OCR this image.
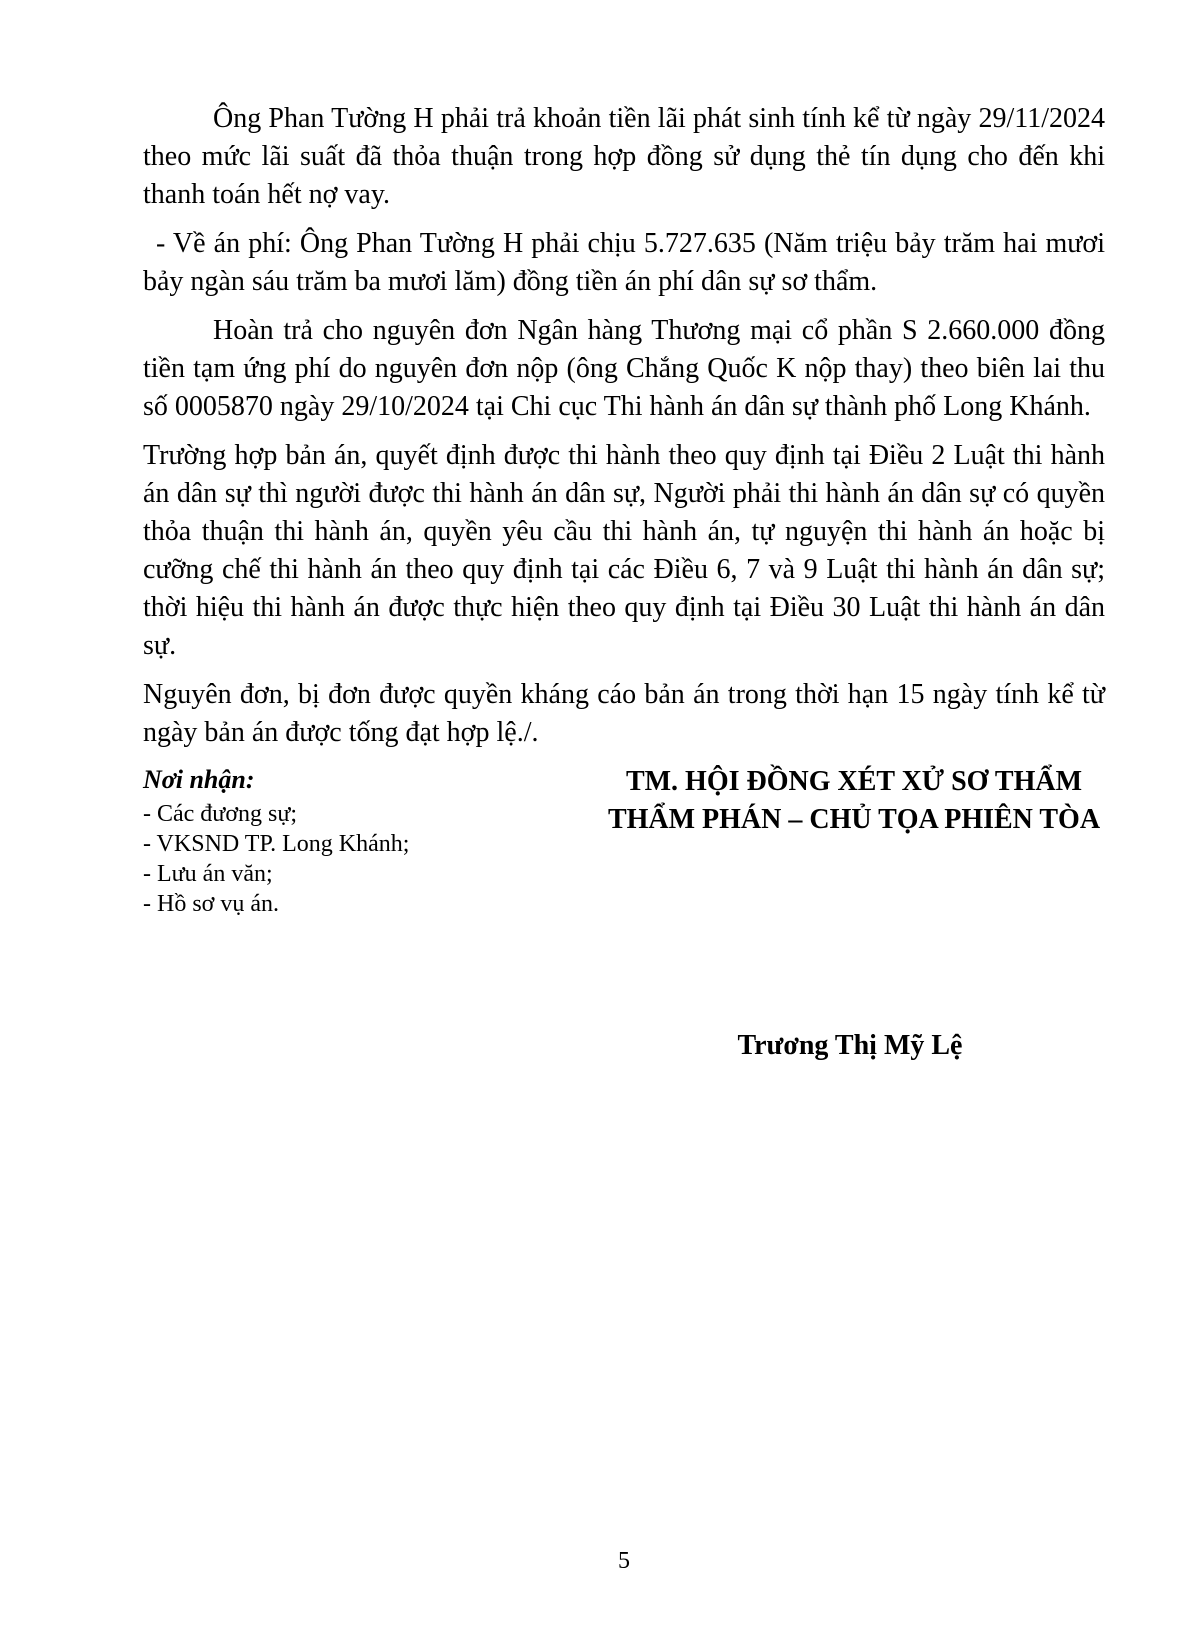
Ông Phan Tường H phải trả khoản tiền lãi phát sinh tính kể từ ngày 29/11/2024 theo mức lãi suất đã thỏa thuận trong hợp đồng sử dụng thẻ tín dụng cho đến khi thanh toán hết nợ vay.

- Về án phí: Ông Phan Tường H phải chịu 5.727.635 (Năm triệu bảy trăm hai mươi bảy ngàn sáu trăm ba mươi lăm) đồng tiền án phí dân sự sơ thẩm.

Hoàn trả cho nguyên đơn Ngân hàng Thương mại cổ phần S 2.660.000 đồng tiền tạm ứng phí do nguyên đơn nộp (ông Chắng Quốc K nộp thay) theo biên lai thu số 0005870 ngày 29/10/2024 tại Chi cục Thi hành án dân sự thành phố Long Khánh.

Trường hợp bản án, quyết định được thi hành theo quy định tại Điều 2 Luật thi hành án dân sự thì người được thi hành án dân sự, Người phải thi hành án dân sự có quyền thỏa thuận thi hành án, quyền yêu cầu thi hành án, tự nguyện thi hành án hoặc bị cưỡng chế thi hành án theo quy định tại các Điều 6, 7 và 9 Luật thi hành án dân sự; thời hiệu thi hành án được thực hiện theo quy định tại Điều 30 Luật thi hành án dân sự.

Nguyên đơn, bị đơn được quyền kháng cáo bản án trong thời hạn 15 ngày tính kể từ ngày bản án được tống đạt hợp lệ./.

Nơi nhận:
- Các đương sự;
- VKSND TP. Long Khánh;
- Lưu án văn;
- Hồ sơ vụ án.
TM. HỘI ĐỒNG XÉT XỬ SƠ THẨM
THẨM PHÁN – CHỦ TỌA PHIÊN TÒA
Trương Thị Mỹ Lệ
5
